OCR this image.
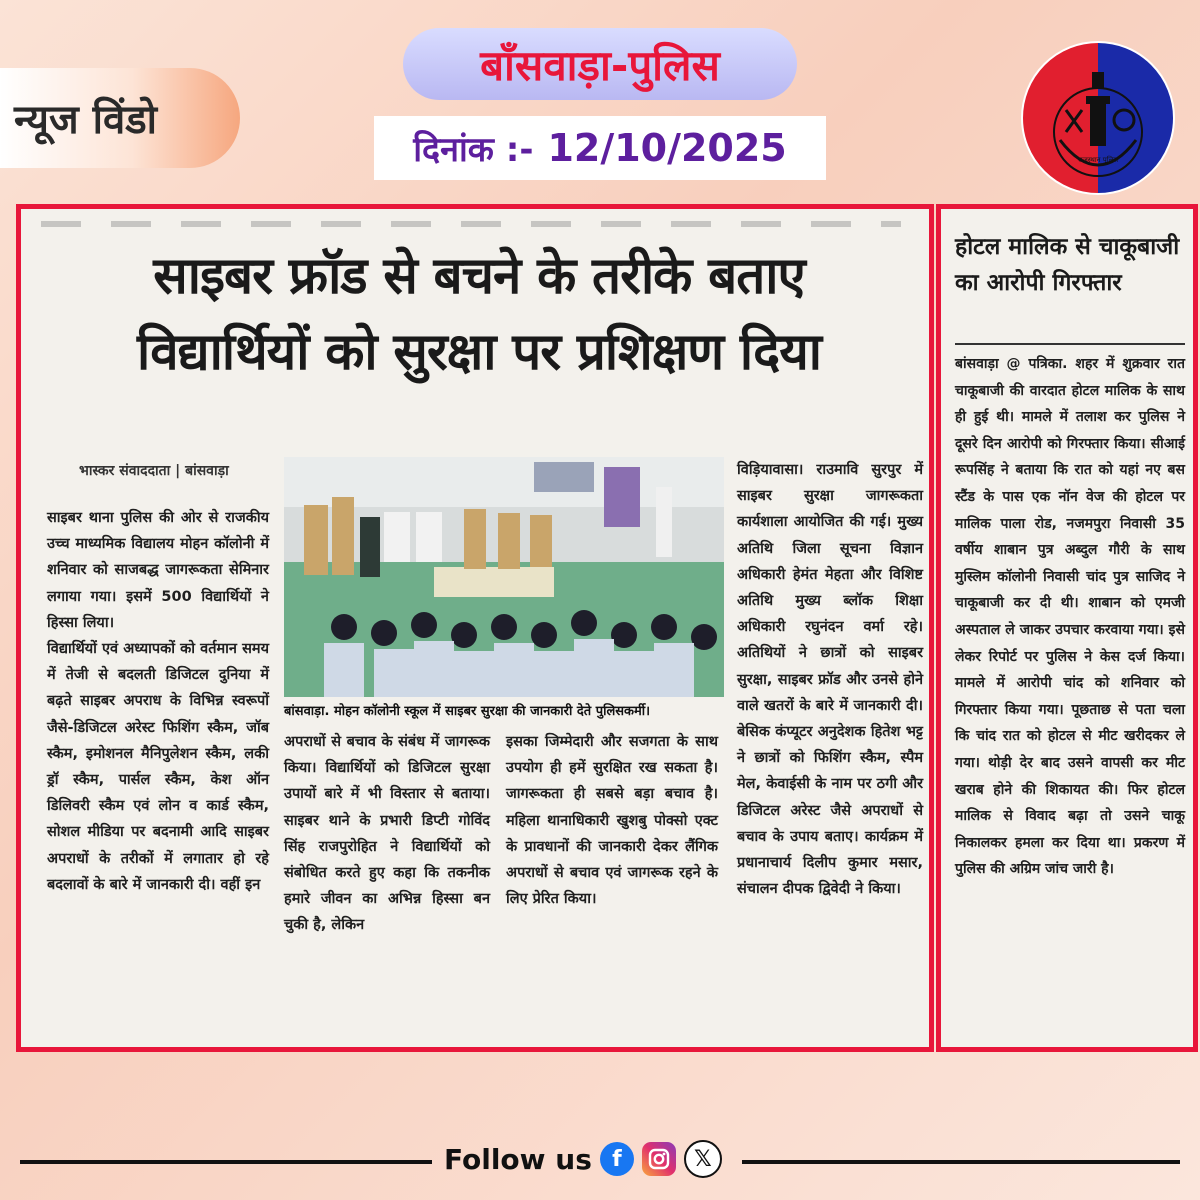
न्यूज विंडो
बाँसवाड़ा-पुलिस
दिनांक :- 12/10/2025	राजस्थान पुलिस
साइबर फ्रॉड से बचने के तरीके बताए
विद्यार्थियों को सुरक्षा पर प्रशिक्षण दिया
भास्कर संवाददाता | बांसवाड़ा

साइबर थाना पुलिस की ओर से राजकीय उच्च माध्यमिक विद्यालय मोहन कॉलोनी में शनिवार को साजबद्ध जागरूकता सेमिनार लगाया गया। इसमें 500 विद्यार्थियों ने हिस्सा लिया।

विद्यार्थियों एवं अध्यापकों को वर्तमान समय में तेजी से बदलती डिजिटल दुनिया में बढ़ते साइबर अपराध के विभिन्न स्वरूपों जैसे-डिजिटल अरेस्ट फिशिंग स्कैम, जॉब स्कैम, इमोशनल मैनिपुलेशन स्कैम, लकी ड्रॉ स्कैम, पार्सल स्कैम, केश ऑन डिलिवरी स्कैम एवं लोन व कार्ड स्कैम, सोशल मीडिया पर बदनामी आदि साइबर अपराधों के तरीकों में लगातार हो रहे बदलावों के बारे में जानकारी दी। वहीं इन

बांसवाड़ा. मोहन कॉलोनी स्कूल में साइबर सुरक्षा की जानकारी देते पुलिसकर्मी।
अपराधों से बचाव के संबंध में जागरूक किया। विद्यार्थियों को डिजिटल सुरक्षा उपायों बारे में भी विस्तार से बताया। साइबर थाने के प्रभारी डिप्टी गोविंद सिंह राजपुरोहित ने विद्यार्थियों को संबोधित करते हुए कहा कि तकनीक हमारे जीवन का अभिन्न हिस्सा बन चुकी है, लेकिन
इसका जिम्मेदारी और सजगता के साथ उपयोग ही हमें सुरक्षित रख सकता है। जागरूकता ही सबसे बड़ा बचाव है। महिला थानाधिकारी खुशबु पोक्सो एक्ट के प्रावधानों की जानकारी देकर लैंगिक अपराधों से बचाव एवं जागरूक रहने के लिए प्रेरित किया।
विड़ियावासा। राउमावि सुरपुर में साइबर सुरक्षा जागरूकता कार्यशाला आयोजित की गई। मुख्य अतिथि जिला सूचना विज्ञान अधिकारी हेमंत मेहता और विशिष्ट अतिथि मुख्य ब्लॉक शिक्षा अधिकारी रघुनंदन वर्मा रहे। अतिथियों ने छात्रों को साइबर सुरक्षा, साइबर फ्रॉड और उनसे होने वाले खतरों के बारे में जानकारी दी। बेसिक कंप्यूटर अनुदेशक हितेश भट्ट ने छात्रों को फिशिंग स्कैम, स्पैम मेल, केवाईसी के नाम पर ठगी और डिजिटल अरेस्ट जैसे अपराधों से बचाव के उपाय बताए। कार्यक्रम में प्रधानाचार्य दिलीप कुमार मसार, संचालन दीपक द्विवेदी ने किया।
होटल मालिक से चाकूबाजी का आरोपी गिरफ्तार
बांसवाड़ा @ पत्रिका. शहर में शुक्रवार रात चाकूबाजी की वारदात होटल मालिक के साथ ही हुई थी। मामले में तलाश कर पुलिस ने दूसरे दिन आरोपी को गिरफ्तार किया। सीआई रूपसिंह ने बताया कि रात को यहां नए बस स्टैंड के पास एक नॉन वेज की होटल पर मालिक पाला रोड, नजमपुरा निवासी 35 वर्षीय शाबान पुत्र अब्दुल गौरी के साथ मुस्लिम कॉलोनी निवासी चांद पुत्र साजिद ने चाकूबाजी कर दी थी। शाबान को एमजी अस्पताल ले जाकर उपचार करवाया गया। इसे लेकर रिपोर्ट पर पुलिस ने केस दर्ज किया। मामले में आरोपी चांद को शनिवार को गिरफ्तार किया गया। पूछताछ से पता चला कि चांद रात को होटल से मीट खरीदकर ले गया। थोड़ी देर बाद उसने वापसी कर मीट खराब होने की शिकायत की। फिर होटल मालिक से विवाद बढ़ा तो उसने चाकू निकालकर हमला कर दिया था। प्रकरण में पुलिस की अग्रिम जांच जारी है।
Follow us f	𝕏
